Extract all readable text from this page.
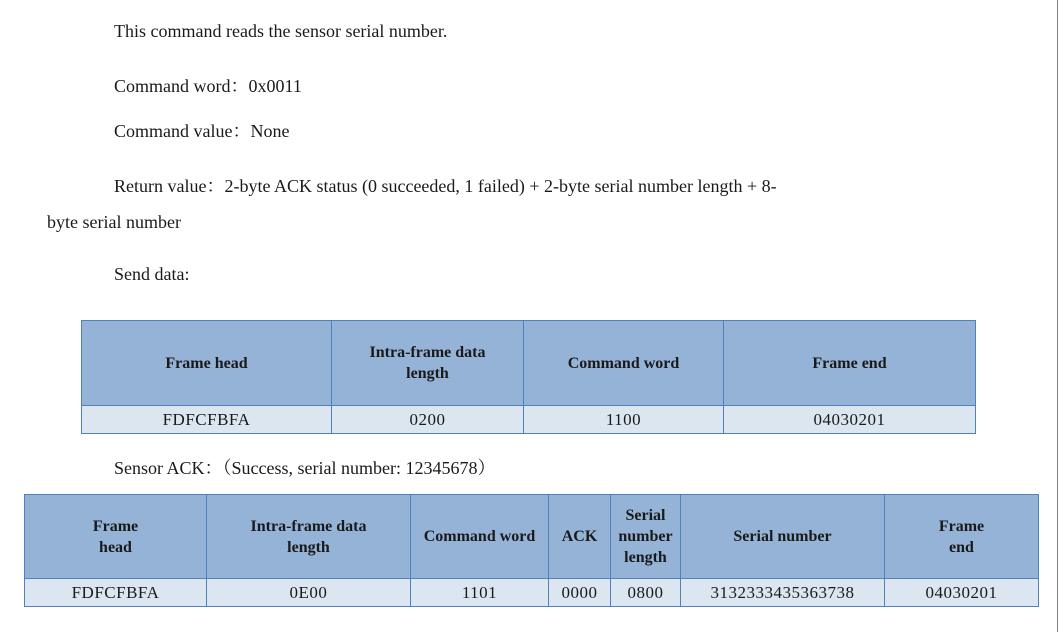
This command reads the sensor serial number.
Command word：0x0011
Command value：None
Return value：2-byte ACK status (0 succeeded, 1 failed) + 2-byte serial number length + 8-
byte serial number
Send data:
Frame head	Intra-frame data length	Command word	Frame end
FDFCFBFA	0200	1100	04030201
Sensor ACK：（Success, serial number: 12345678）
Frame head	Intra-frame data length	Command word	ACK	Serial number length	Serial number	Frame end
FDFCFBFA	0E00	1101	0000	0800	3132333435363738	04030201
